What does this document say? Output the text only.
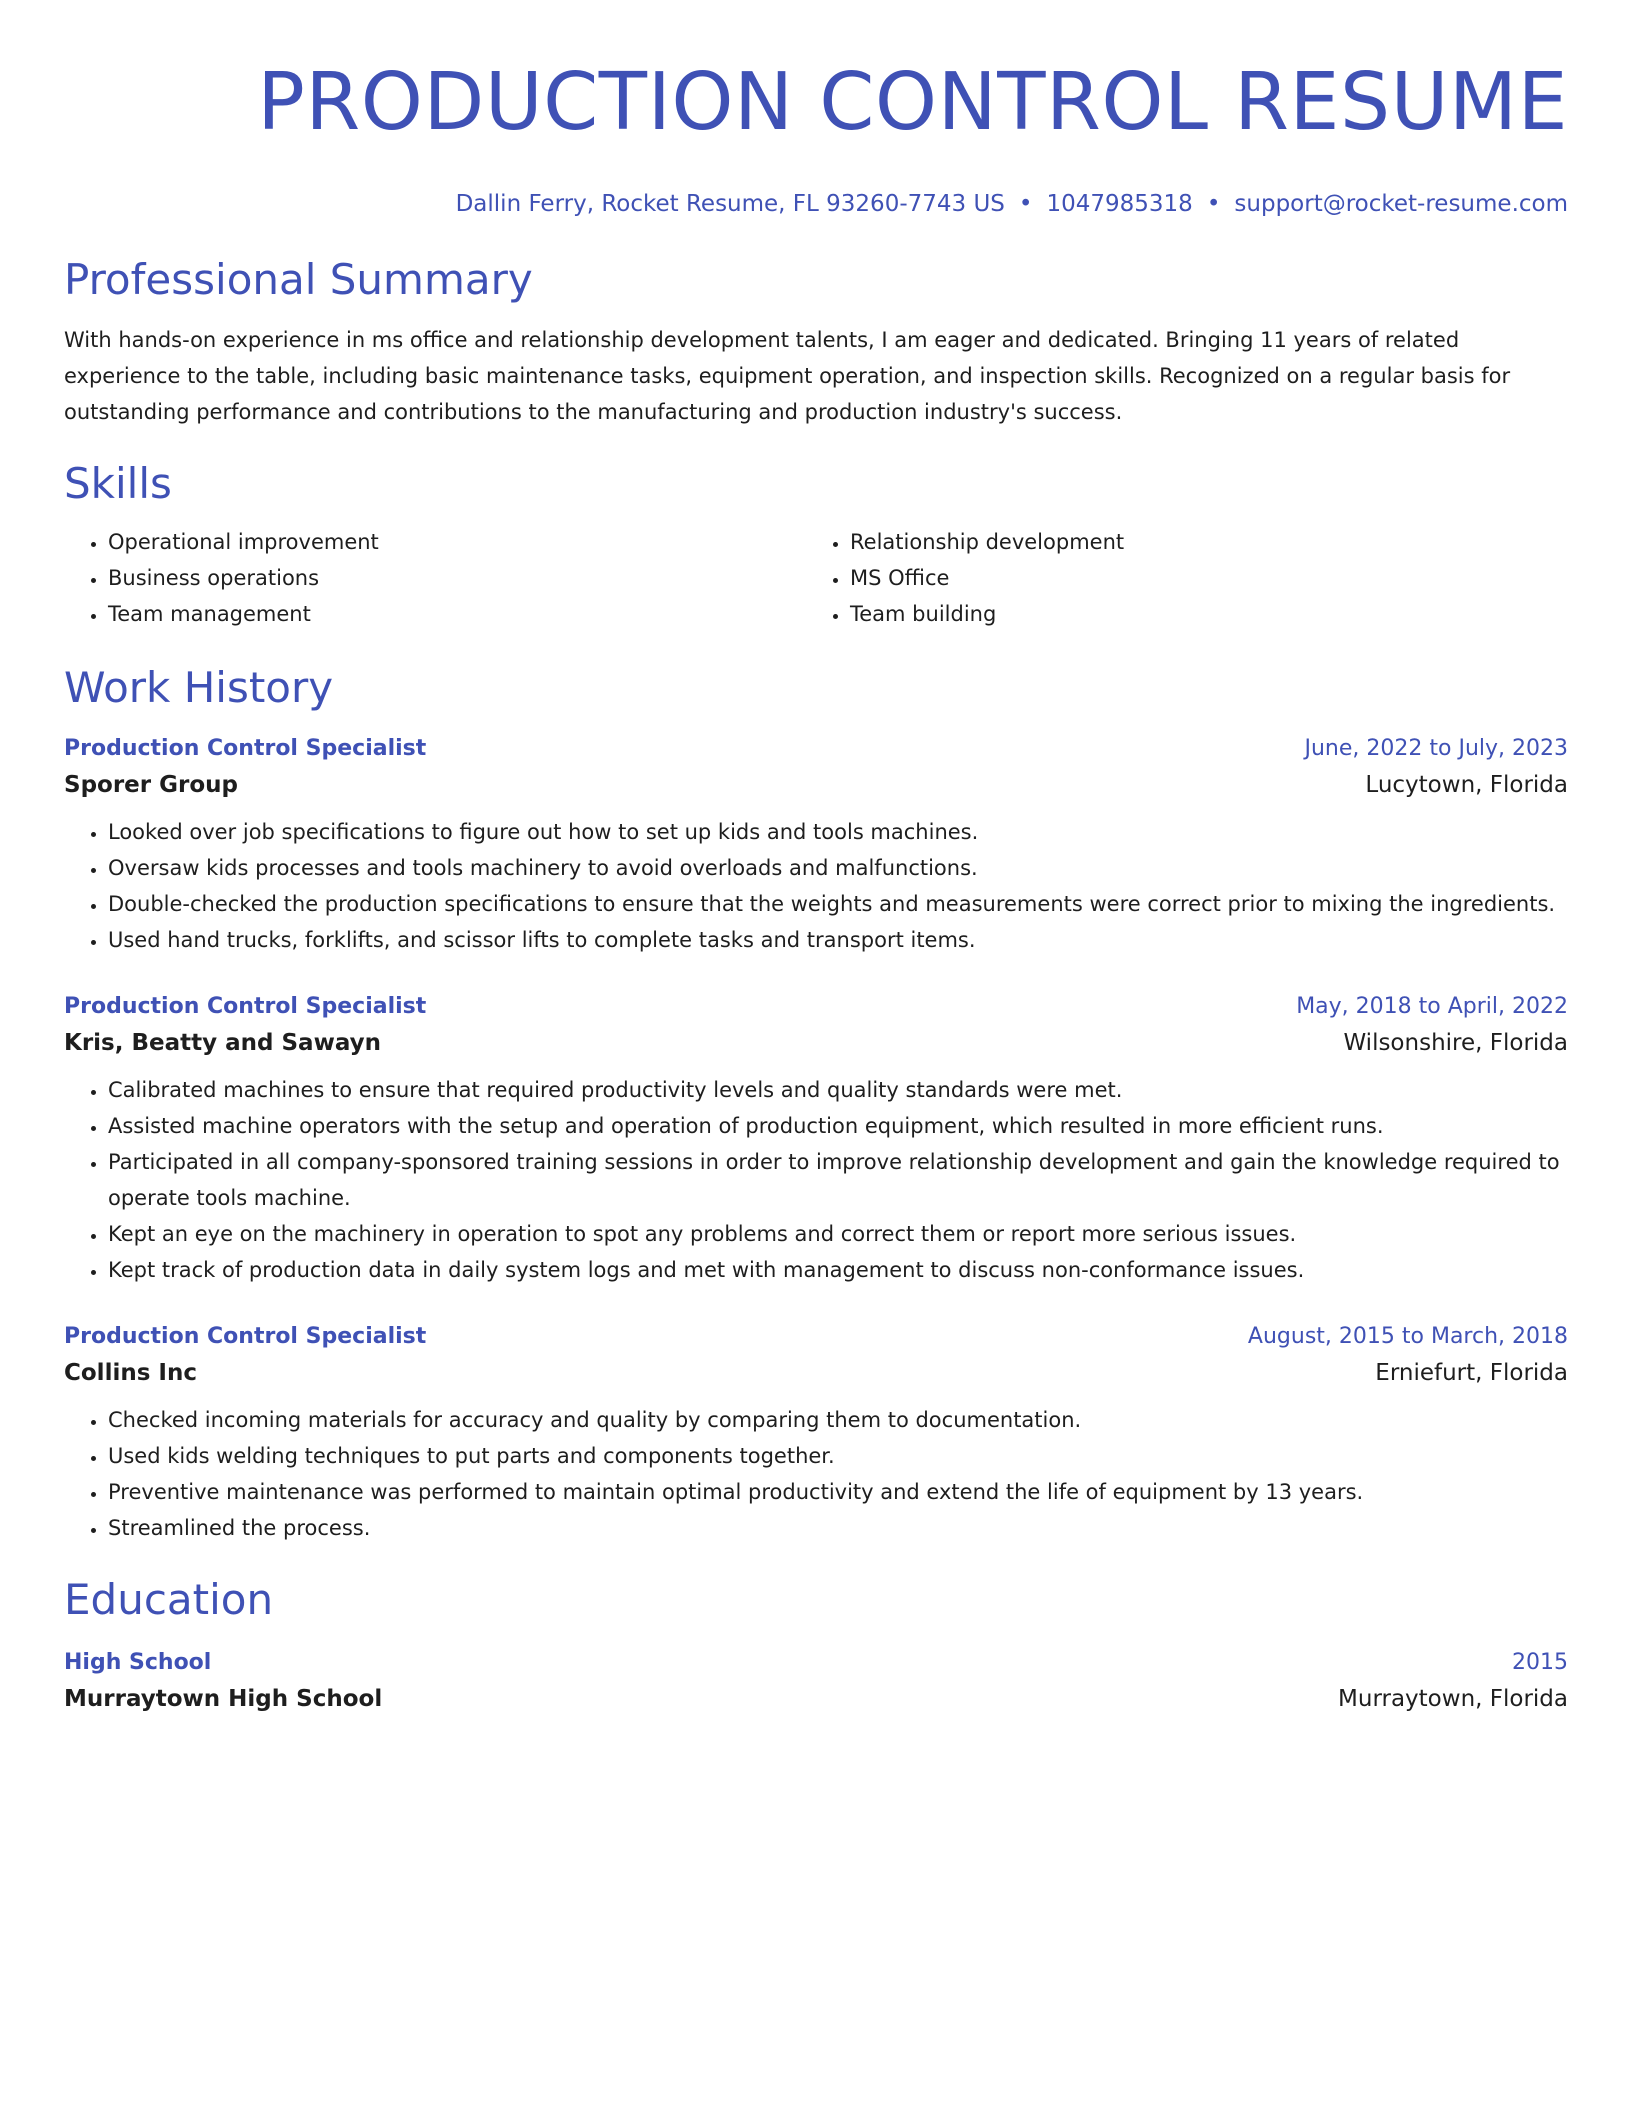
PRODUCTION CONTROL RESUME
Dallin Ferry, Rocket Resume, FL 93260-7743 US • 1047985318 • support@rocket-resume.com
Professional Summary

With hands-on experience in ms office and relationship development talents, I am eager and dedicated. Bringing 11 years of related experience to the table, including basic maintenance tasks, equipment operation, and inspection skills. Recognized on a regular basis for outstanding performance and contributions to the manufacturing and production industry's success.

Skills
• Operational improvement
• Business operations
• Team management
• Relationship development
• MS Office
• Team building
Work History
Production Control Specialist	June, 2022 to July, 2023
Sporer Group	Lucytown, Florida
• Looked over job specifications to figure out how to set up kids and tools machines.
• Oversaw kids processes and tools machinery to avoid overloads and malfunctions.
• Double-checked the production specifications to ensure that the weights and measurements were correct prior to mixing the ingredients.
• Used hand trucks, forklifts, and scissor lifts to complete tasks and transport items.
Production Control Specialist	May, 2018 to April, 2022
Kris, Beatty and Sawayn	Wilsonshire, Florida
• Calibrated machines to ensure that required productivity levels and quality standards were met.
• Assisted machine operators with the setup and operation of production equipment, which resulted in more efficient runs.
• Participated in all company-sponsored training sessions in order to improve relationship development and gain the knowledge required to operate tools machine.
• Kept an eye on the machinery in operation to spot any problems and correct them or report more serious issues.
• Kept track of production data in daily system logs and met with management to discuss non-conformance issues.
Production Control Specialist	August, 2015 to March, 2018
Collins Inc	Erniefurt, Florida
• Checked incoming materials for accuracy and quality by comparing them to documentation.
• Used kids welding techniques to put parts and components together.
• Preventive maintenance was performed to maintain optimal productivity and extend the life of equipment by 13 years.
• Streamlined the process.
Education
High School	2015
Murraytown High School	Murraytown, Florida
